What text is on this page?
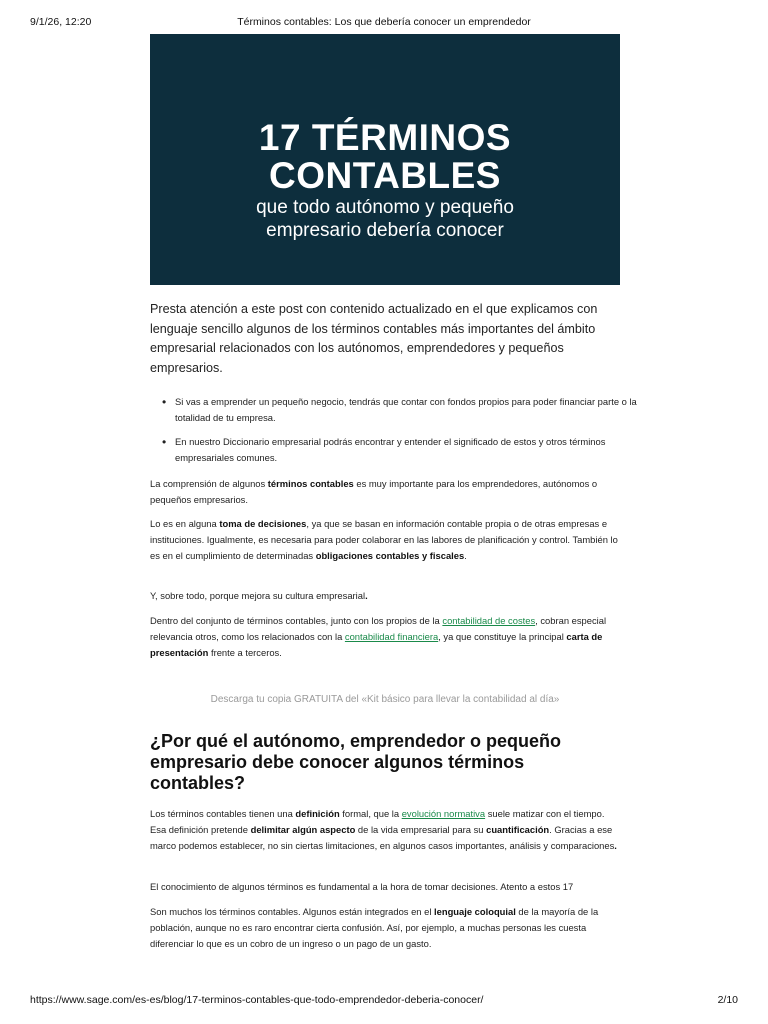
9/1/26, 12:20	Términos contables: Los que debería conocer un emprendedor
17 TÉRMINOS
CONTABLES
que todo autónomo y pequeño
empresario debería conocer

Presta atención a este post con contenido actualizado en el que explicamos con lenguaje sencillo algunos de los términos contables más importantes del ámbito empresarial relacionados con los autónomos, emprendedores y pequeños empresarios.

• Si vas a emprender un pequeño negocio, tendrás que contar con fondos propios para poder financiar parte o la totalidad de tu empresa.
• En nuestro Diccionario empresarial podrás encontrar y entender el significado de estos y otros términos empresariales comunes.

La comprensión de algunos términos contables es muy importante para los emprendedores, autónomos o pequeños empresarios.

Lo es en alguna toma de decisiones, ya que se basan en información contable propia o de otras empresas e instituciones. Igualmente, es necesaria para poder colaborar en las labores de planificación y control. También lo es en el cumplimiento de determinadas obligaciones contables y fiscales.

Y, sobre todo, porque mejora su cultura empresarial.

Dentro del conjunto de términos contables, junto con los propios de la contabilidad de costes, cobran especial relevancia otros, como los relacionados con la contabilidad financiera, ya que constituye la principal carta de presentación frente a terceros.

Descarga tu copia GRATUITA del «Kit básico para llevar la contabilidad al día»
¿Por qué el autónomo, emprendedor o pequeño empresario debe conocer algunos términos contables?

Los términos contables tienen una definición formal, que la evolución normativa suele matizar con el tiempo. Esa definición pretende delimitar algún aspecto de la vida empresarial para su cuantificación. Gracias a ese marco podemos establecer, no sin ciertas limitaciones, en algunos casos importantes, análisis y comparaciones.

El conocimiento de algunos términos es fundamental a la hora de tomar decisiones. Atento a estos 17

Son muchos los términos contables. Algunos están integrados en el lenguaje coloquial de la mayoría de la población, aunque no es raro encontrar cierta confusión. Así, por ejemplo, a muchas personas les cuesta diferenciar lo que es un cobro de un ingreso o un pago de un gasto.

https://www.sage.com/es-es/blog/17-terminos-contables-que-todo-emprendedor-deberia-conocer/	2/10
